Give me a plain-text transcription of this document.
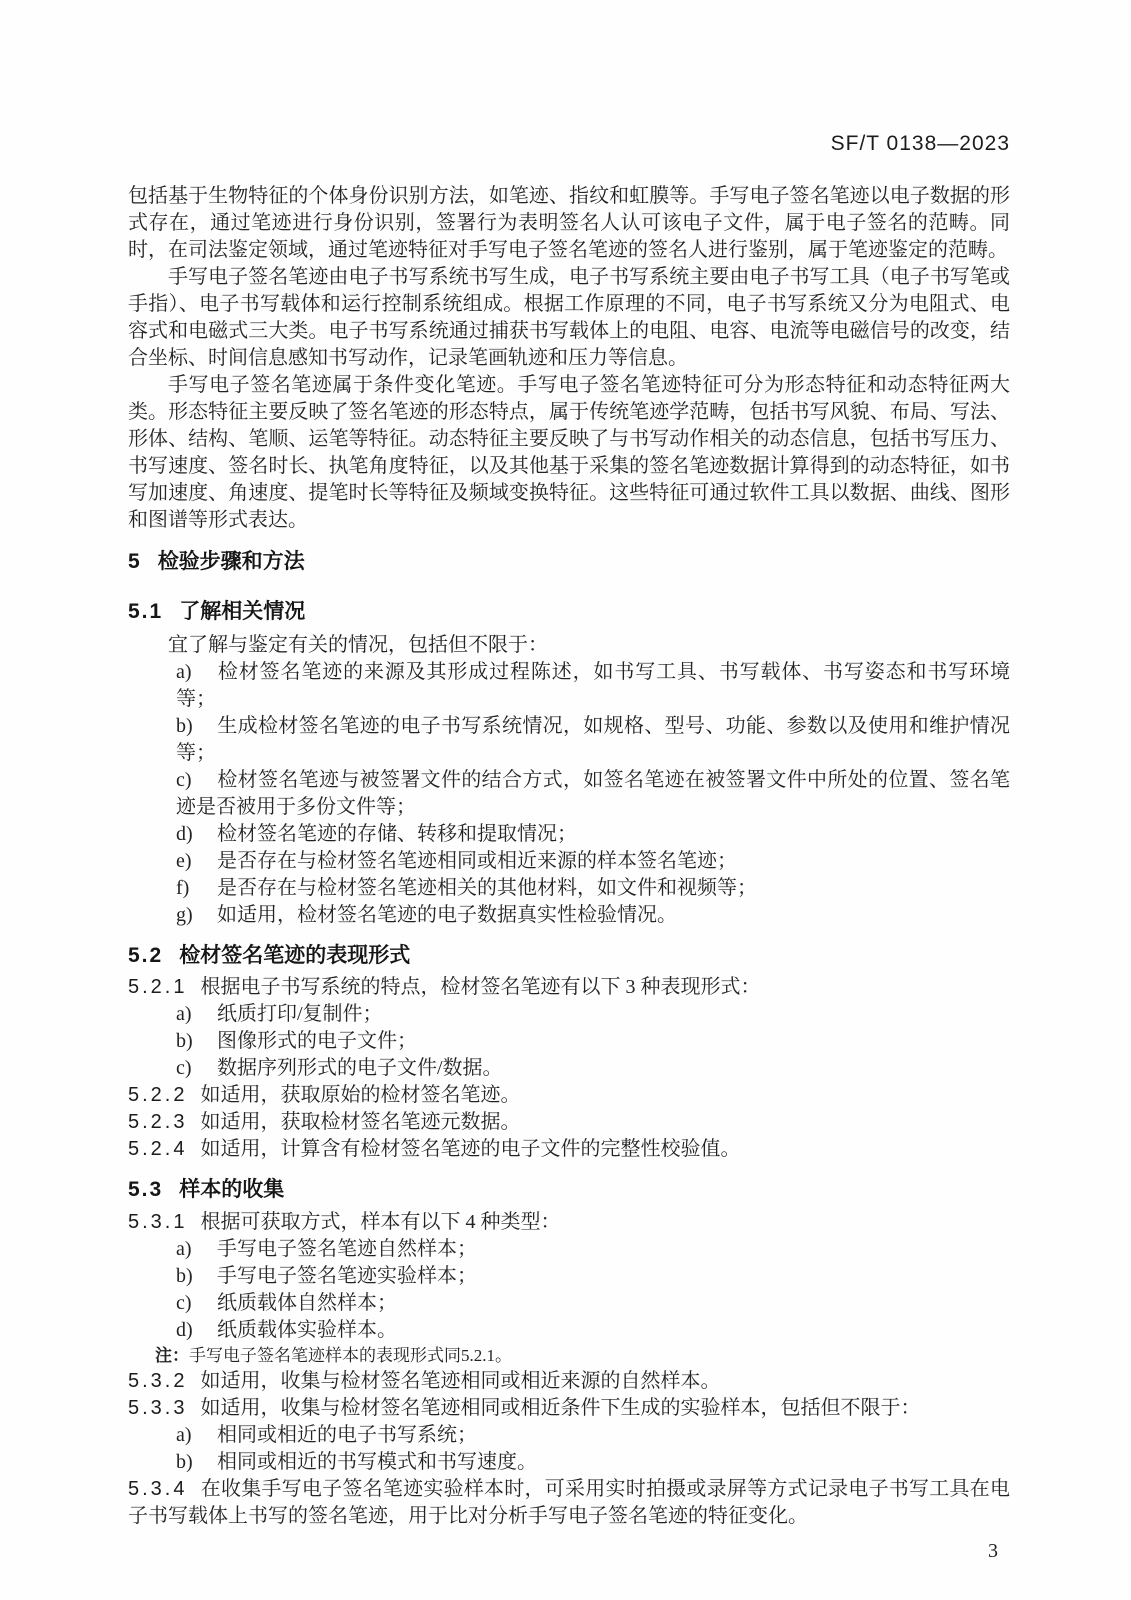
SF/T 0138—2023

包括基于生物特征的个体身份识别方法，如笔迹、指纹和虹膜等。手写电子签名笔迹以电子数据的形式存在，通过笔迹进行身份识别，签署行为表明签名人认可该电子文件，属于电子签名的范畴。同时，在司法鉴定领域，通过笔迹特征对手写电子签名笔迹的签名人进行鉴别，属于笔迹鉴定的范畴。

手写电子签名笔迹由电子书写系统书写生成，电子书写系统主要由电子书写工具（电子书写笔或手指）、电子书写载体和运行控制系统组成。根据工作原理的不同，电子书写系统又分为电阻式、电容式和电磁式三大类。电子书写系统通过捕获书写载体上的电阻、电容、电流等电磁信号的改变，结合坐标、时间信息感知书写动作，记录笔画轨迹和压力等信息。

手写电子签名笔迹属于条件变化笔迹。手写电子签名笔迹特征可分为形态特征和动态特征两大类。形态特征主要反映了签名笔迹的形态特点，属于传统笔迹学范畴，包括书写风貌、布局、写法、形体、结构、笔顺、运笔等特征。动态特征主要反映了与书写动作相关的动态信息，包括书写压力、书写速度、签名时长、执笔角度特征，以及其他基于采集的签名笔迹数据计算得到的动态特征，如书写加速度、角速度、提笔时长等特征及频域变换特征。这些特征可通过软件工具以数据、曲线、图形和图谱等形式表达。

5 检验步骤和方法
5.1 了解相关情况

宜了解与鉴定有关的情况，包括但不限于：

a) 检材签名笔迹的来源及其形成过程陈述，如书写工具、书写载体、书写姿态和书写环境等；
b) 生成检材签名笔迹的电子书写系统情况，如规格、型号、功能、参数以及使用和维护情况等；
c) 检材签名笔迹与被签署文件的结合方式，如签名笔迹在被签署文件中所处的位置、签名笔迹是否被用于多份文件等；
d) 检材签名笔迹的存储、转移和提取情况；
e) 是否存在与检材签名笔迹相同或相近来源的样本签名笔迹；
f) 是否存在与检材签名笔迹相关的其他材料，如文件和视频等；
g) 如适用，检材签名笔迹的电子数据真实性检验情况。
5.2 检材签名笔迹的表现形式

5.2.1 根据电子书写系统的特点，检材签名笔迹有以下 3 种表现形式：

a) 纸质打印/复制件；
b) 图像形式的电子文件；
c) 数据序列形式的电子文件/数据。

5.2.2 如适用，获取原始的检材签名笔迹。

5.2.3 如适用，获取检材签名笔迹元数据。

5.2.4 如适用，计算含有检材签名笔迹的电子文件的完整性校验值。

5.3 样本的收集

5.3.1 根据可获取方式，样本有以下 4 种类型：

a) 手写电子签名笔迹自然样本；
b) 手写电子签名笔迹实验样本；
c) 纸质载体自然样本；
d) 纸质载体实验样本。
注：手写电子签名笔迹样本的表现形式同5.2.1。

5.3.2 如适用，收集与检材签名笔迹相同或相近来源的自然样本。

5.3.3 如适用，收集与检材签名笔迹相同或相近条件下生成的实验样本，包括但不限于：

a) 相同或相近的电子书写系统；
b) 相同或相近的书写模式和书写速度。

5.3.4 在收集手写电子签名笔迹实验样本时，可采用实时拍摄或录屏等方式记录电子书写工具在电子书写载体上书写的签名笔迹，用于比对分析手写电子签名笔迹的特征变化。

3
